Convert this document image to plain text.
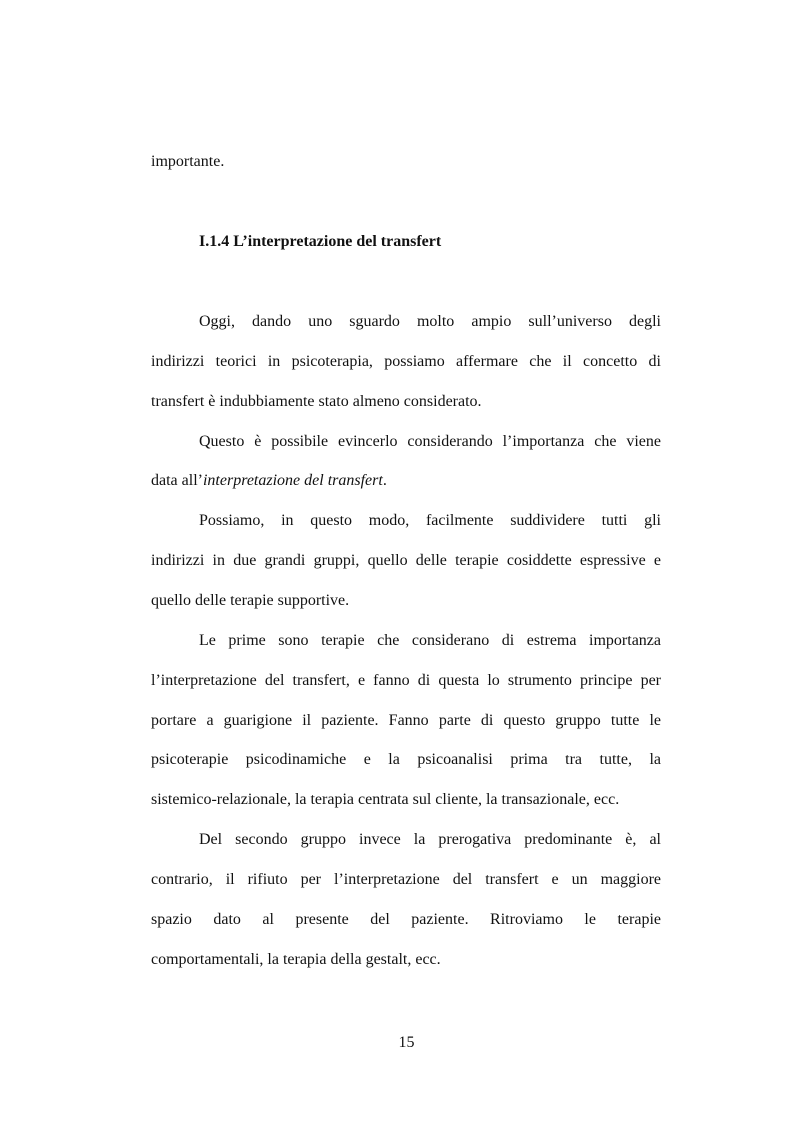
importante.
I.1.4 L’interpretazione del transfert
Oggi, dando uno sguardo molto ampio sull’universo degli
indirizzi teorici in psicoterapia, possiamo affermare che il concetto di
transfert è indubbiamente stato almeno considerato.
Questo è possibile evincerlo considerando l’importanza che viene
data all’interpretazione del transfert.
Possiamo, in questo modo, facilmente suddividere tutti gli
indirizzi in due grandi gruppi, quello delle terapie cosiddette espressive e
quello delle terapie supportive.
Le prime sono terapie che considerano di estrema importanza
l’interpretazione del transfert, e fanno di questa lo strumento principe per
portare a guarigione il paziente. Fanno parte di questo gruppo tutte le
psicoterapie psicodinamiche e la psicoanalisi prima tra tutte, la
sistemico-relazionale, la terapia centrata sul cliente, la transazionale, ecc.
Del secondo gruppo invece la prerogativa predominante è, al
contrario, il rifiuto per l’interpretazione del transfert e un maggiore
spazio dato al presente del paziente. Ritroviamo le terapie
comportamentali, la terapia della gestalt, ecc.
15
